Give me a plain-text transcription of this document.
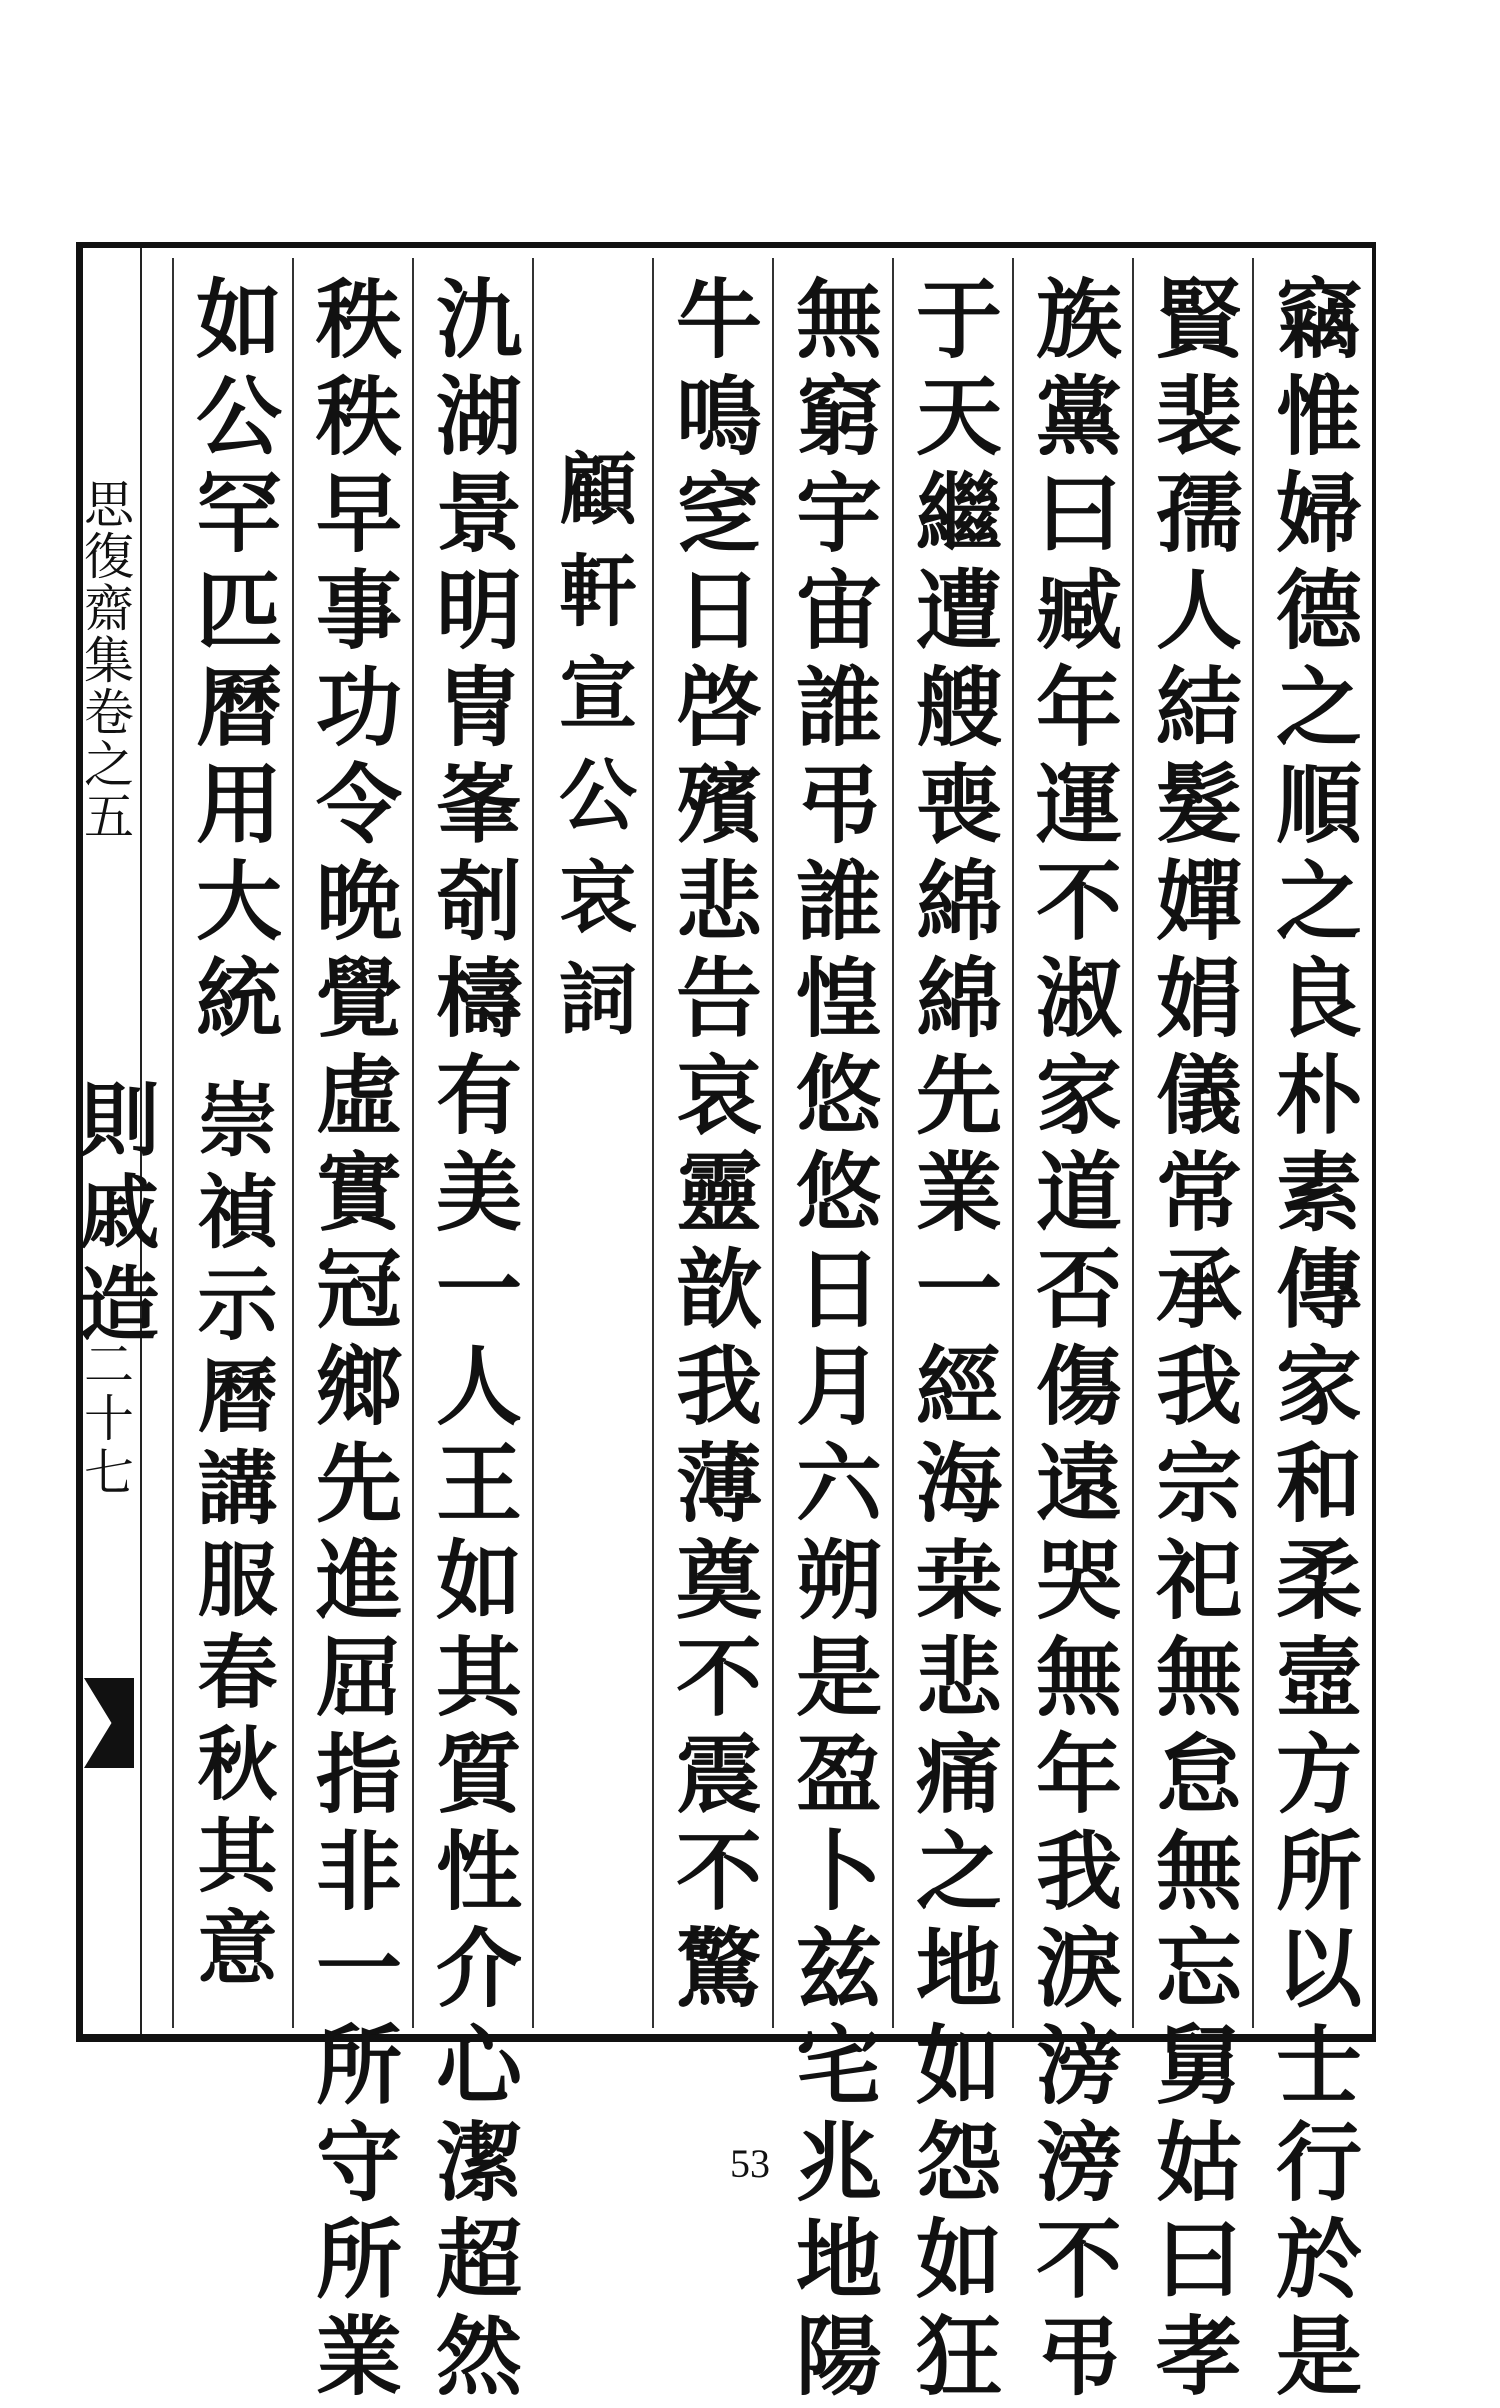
思復齋集卷之五
二十七	竊惟婦德之順之良朴素傳家和柔壼方所以士行於是
賢裴孺人結髮嬋娟儀常承我宗祀無怠無忘舅姑曰孝
族黨曰臧年運不淑家道否傷遠哭無年我淚滂滂不弔
于天繼遭艘喪綿綿先業一經海桒悲痛之地如怨如狂
無窮宇宙誰弔誰惶悠悠日月六朔是盈卜兹宅兆地陽
牛鳴窆日啓殯悲告哀靈歆我薄奠不震不驚
顧軒宣公哀詞
氿湖景明冑峯剞檮有美一人王如其質性介心潔超然
秩秩早事功令晩覺虛實冠鄉先進屈指非一所守所業
如公罕匹曆用大統
崇禎示曆講服春秋其意則戚造
53
